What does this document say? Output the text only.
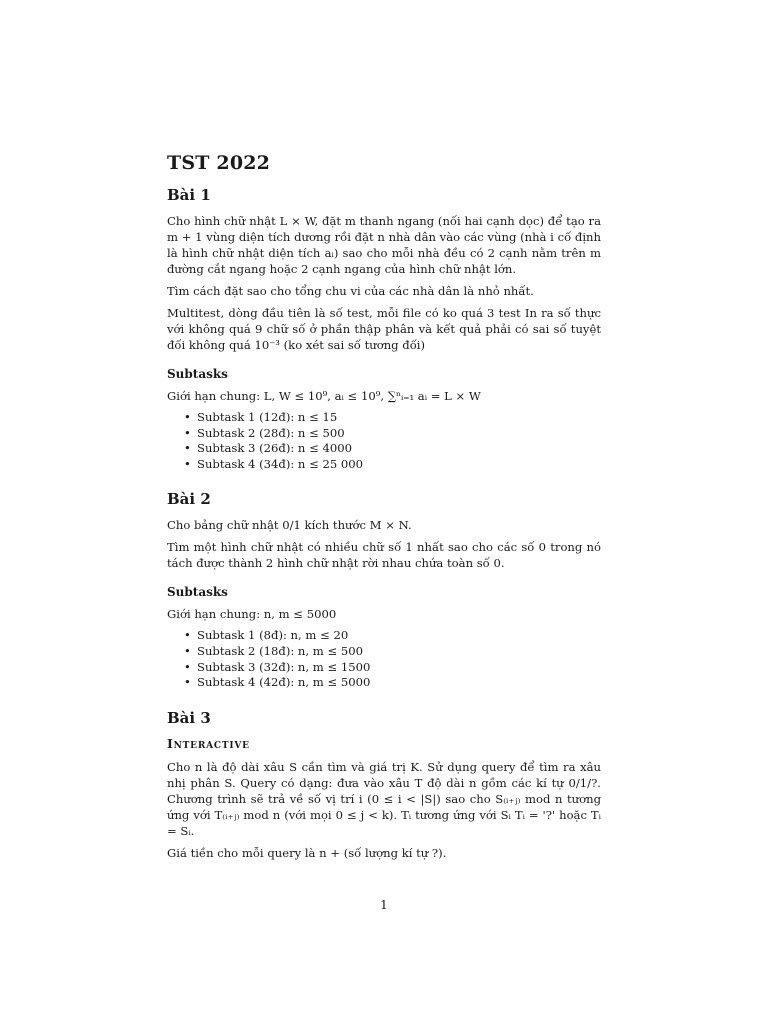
TST 2022
Bài 1

Cho hình chữ nhật L × W, đặt m thanh ngang (nối hai cạnh dọc) để tạo ra m + 1 vùng diện tích dương rồi đặt n nhà dân vào các vùng (nhà i cố định là hình chữ nhật diện tích aᵢ) sao cho mỗi nhà đều có 2 cạnh nằm trên m đường cắt ngang hoặc 2 cạnh ngang của hình chữ nhật lớn.

Tìm cách đặt sao cho tổng chu vi của các nhà dân là nhỏ nhất.

Multitest, dòng đầu tiên là số test, mỗi file có ko quá 3 test In ra số thực với không quá 9 chữ số ở phần thập phân và kết quả phải có sai số tuyệt đối không quá 10⁻³ (ko xét sai số tương đối)

Subtasks

Giới hạn chung: L, W ≤ 10⁹, aᵢ ≤ 10⁹, ∑ⁿᵢ₌₁ aᵢ = L × W

• Subtask 1 (12đ): n ≤ 15
• Subtask 2 (28đ): n ≤ 500
• Subtask 3 (26đ): n ≤ 4000
• Subtask 4 (34đ): n ≤ 25 000
Bài 2

Cho bảng chữ nhật 0/1 kích thước M × N.

Tìm một hình chữ nhật có nhiều chữ số 1 nhất sao cho các số 0 trong nó tách được thành 2 hình chữ nhật rời nhau chứa toàn số 0.

Subtasks

Giới hạn chung: n, m ≤ 5000

• Subtask 1 (8đ): n, m ≤ 20
• Subtask 2 (18đ): n, m ≤ 500
• Subtask 3 (32đ): n, m ≤ 1500
• Subtask 4 (42đ): n, m ≤ 5000
Bài 3
Interactive

Cho n là độ dài xâu S cần tìm và giá trị K. Sử dụng query để tìm ra xâu nhị phân S. Query có dạng: đưa vào xâu T độ dài n gồm các kí tự 0/1/?. Chương trình sẽ trả về số vị trí i (0 ≤ i < |S|) sao cho S₍ᵢ₊ⱼ₎ mod n tương ứng với T₍ᵢ₊ⱼ₎ mod n (với mọi 0 ≤ j < k). Tᵢ tương ứng với Sᵢ Tᵢ = '?' hoặc Tᵢ = Sᵢ.

Giá tiền cho mỗi query là n + (số lượng kí tự ?).

1
